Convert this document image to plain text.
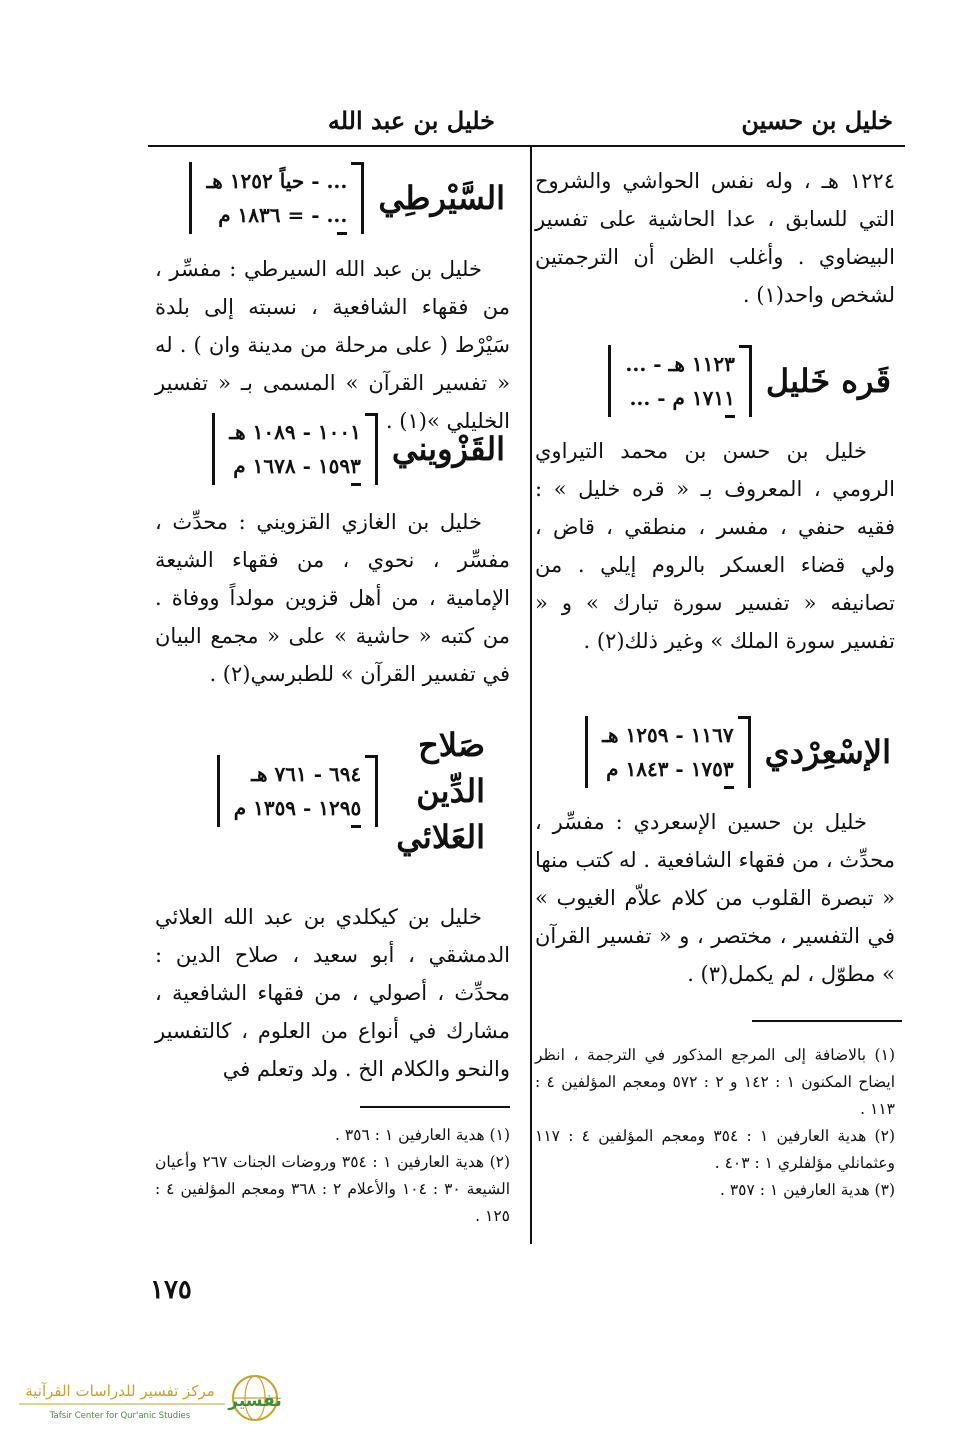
خليل بن حسين
خليل بن عبد الله

١٢٢٤ هـ ، وله نفس الحواشي والشروح التي للسابق ، عدا الحاشية على تفسير البيضاوي . وأغلب الظن أن الترجمتين لشخص واحد(١) .

قَره خَليل
١١٢٣ هـ - ...
١٧١١ م - ...

خليل بن حسن بن محمد التيراوي الرومي ، المعروف بـ « قره خليل » : فقيه حنفي ، مفسر ، منطقي ، قاض ، ولي قضاء العسكر بالروم إيلي . من تصانيفه « تفسير سورة تبارك » و « تفسير سورة الملك » وغير ذلك(٢) .

الإسْعِرْدي
١١٦٧ - ١٢٥٩ هـ
١٧٥٣ - ١٨٤٣ م

خليل بن حسين الإسعردي : مفسِّر ، محدِّث ، من فقهاء الشافعية . له كتب منها « تبصرة القلوب من كلام علاّم الغيوب » في التفسير ، مختصر ، و « تفسير القرآن » مطوّل ، لم يكمل(٣) .

(١) بالاضافة إلى المرجع المذكور في الترجمة ، انظر ايضاح المكنون ١ : ١٤٢ و ٢ : ٥٧٢ ومعجم المؤلفين ٤ : ١١٣ .
(٢) هدية العارفين ١ : ٣٥٤ ومعجم المؤلفين ٤ : ١١٧ وعثمانلي مؤلفلري ١ : ٤٠٣ .
(٣) هدية العارفين ١ : ٣٥٧ .
السَّيْرطِي
... - حياً ١٢٥٢ هـ
... - = ١٨٣٦ م

خليل بن عبد الله السيرطي : مفسِّر ، من فقهاء الشافعية ، نسبته إلى بلدة سَيْرْط ( على مرحلة من مدينة وان ) . له « تفسير القرآن » المسمى بـ « تفسير الخليلي »(١) .

القَزْويني
١٠٠١ - ١٠٨٩ هـ
١٥٩٣ - ١٦٧٨ م

خليل بن الغازي القزويني : محدِّث ، مفسِّر ، نحوي ، من فقهاء الشيعة الإمامية ، من أهل قزوين مولداً ووفاة . من كتبه « حاشية » على « مجمع البيان في تفسير القرآن » للطبرسي(٢) .

صَلاح
الدِّين
العَلائي
٦٩٤ - ٧٦١ هـ
١٢٩٥ - ١٣٥٩ م

خليل بن كيكلدي بن عبد الله العلائي الدمشقي ، أبو سعيد ، صلاح الدين : محدِّث ، أصولي ، من فقهاء الشافعية ، مشارك في أنواع من العلوم ، كالتفسير والنحو والكلام الخ . ولد وتعلم في

(١) هدية العارفين ١ : ٣٥٦ .
(٢) هدية العارفين ١ : ٣٥٤ وروضات الجنات ٢٦٧ وأعيان الشيعة ٣٠ : ١٠٤ والأعلام ٢ : ٣٦٨ ومعجم المؤلفين ٤ : ١٢٥ .
١٧٥
تفسير
مركز تفسير للدراسات القرآنية
Tafsir Center for Qur'anic Studies
